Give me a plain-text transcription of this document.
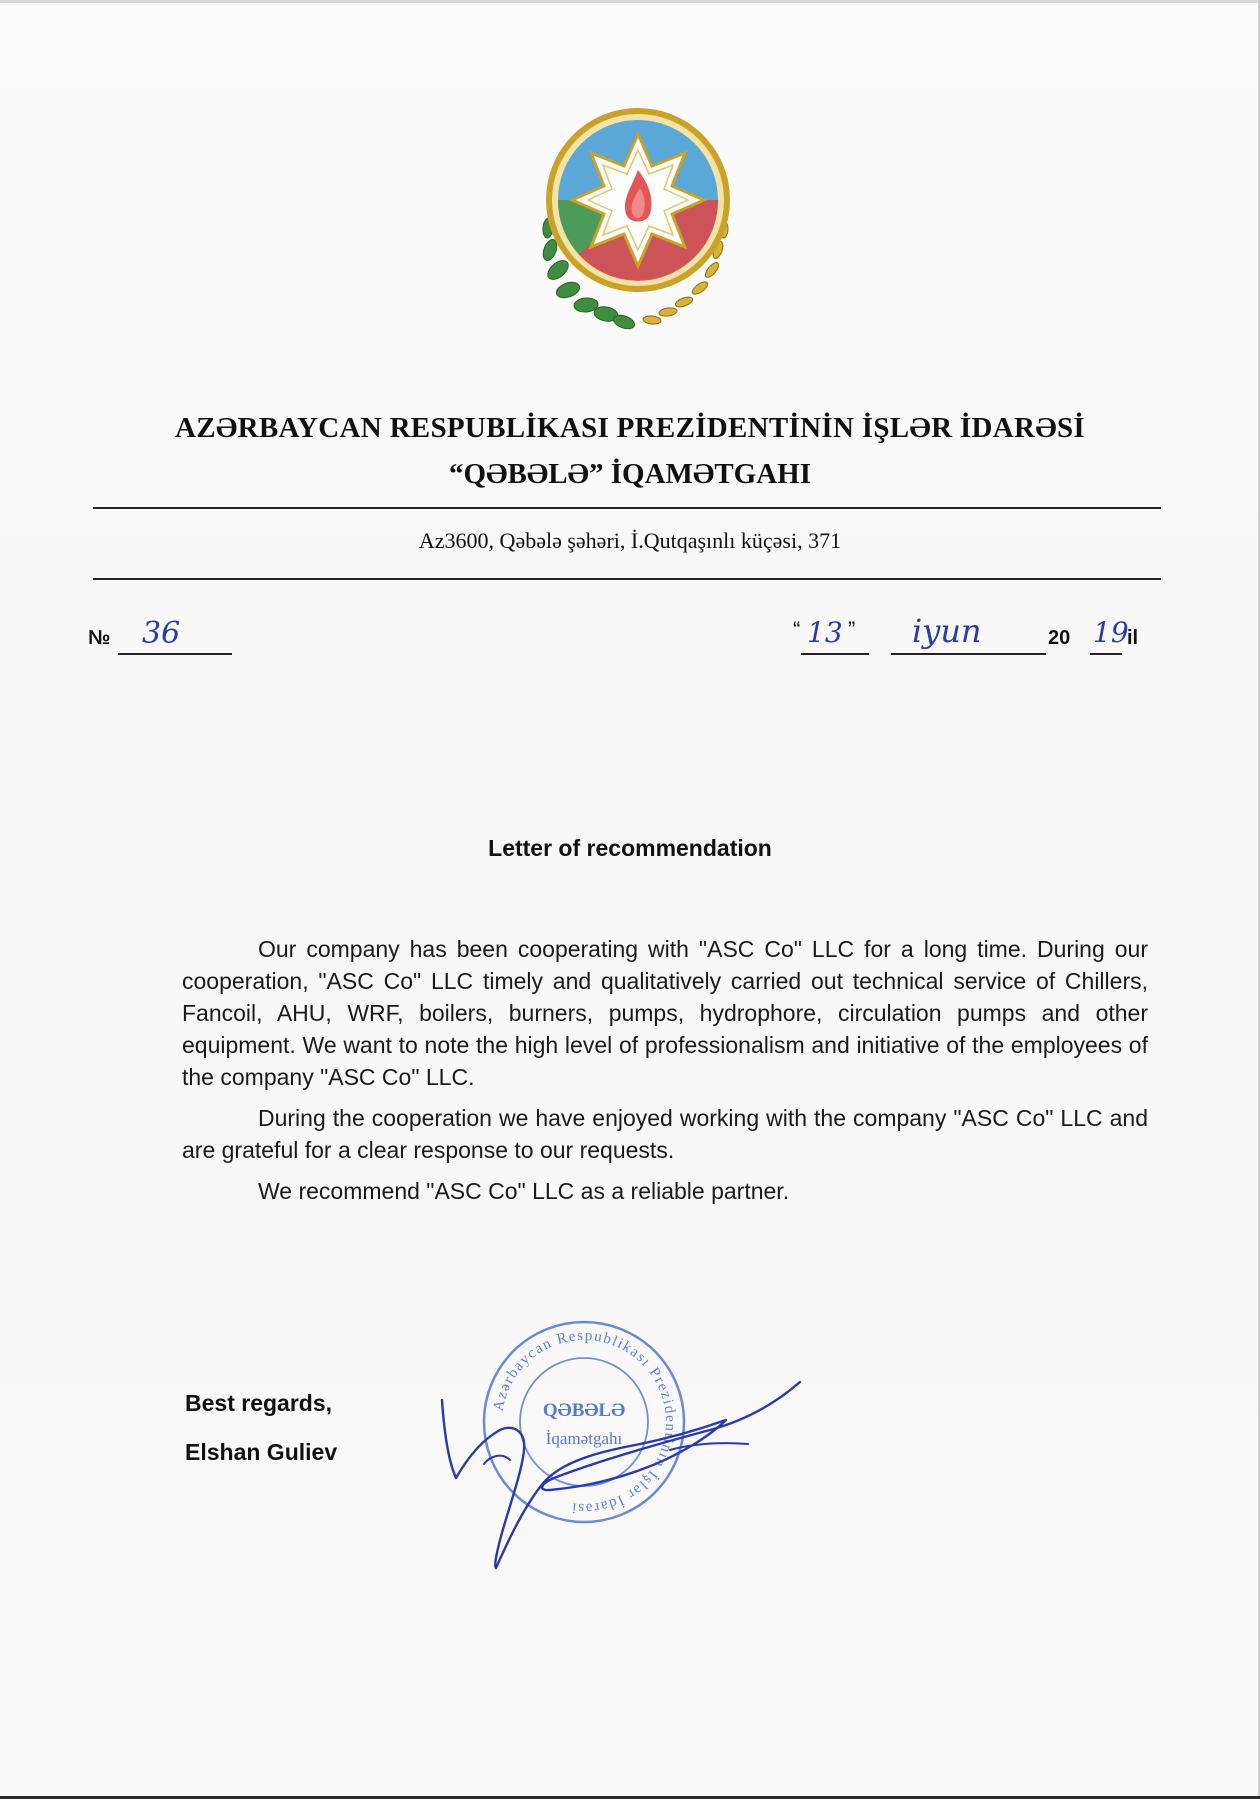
AZƏRBAYCAN RESPUBLİKASI PREZİDENTİNİN İŞLƏR İDARƏSİ
“QƏBƏLƏ” İQAMƏTGAHI
Az3600, Qəbələ şəhəri, İ.Qutqaşınlı küçəsi, 371
№ 36	“ 13 ” iyun	20 19
il
Letter of recommendation

Our company has been cooperating with "ASC Co" LLC for a long time. During our cooperation, "ASC Co" LLC timely and qualitatively carried out technical service of Chillers, Fancoil, AHU, WRF, boilers, burners, pumps, hydrophore, circulation pumps and other equipment. We want to note the high level of professionalism and initiative of the employees of the company "ASC Co" LLC.

During the cooperation we have enjoyed working with the company "ASC Co" LLC and are grateful for a clear response to our requests.

We recommend "ASC Co" LLC as a reliable partner.

Best regards,
Elshan Guliev
Azərbaycan Respublikası Prezidentinin İşlər İdarəsi
QƏBƏLƏ
İqamətgahı
